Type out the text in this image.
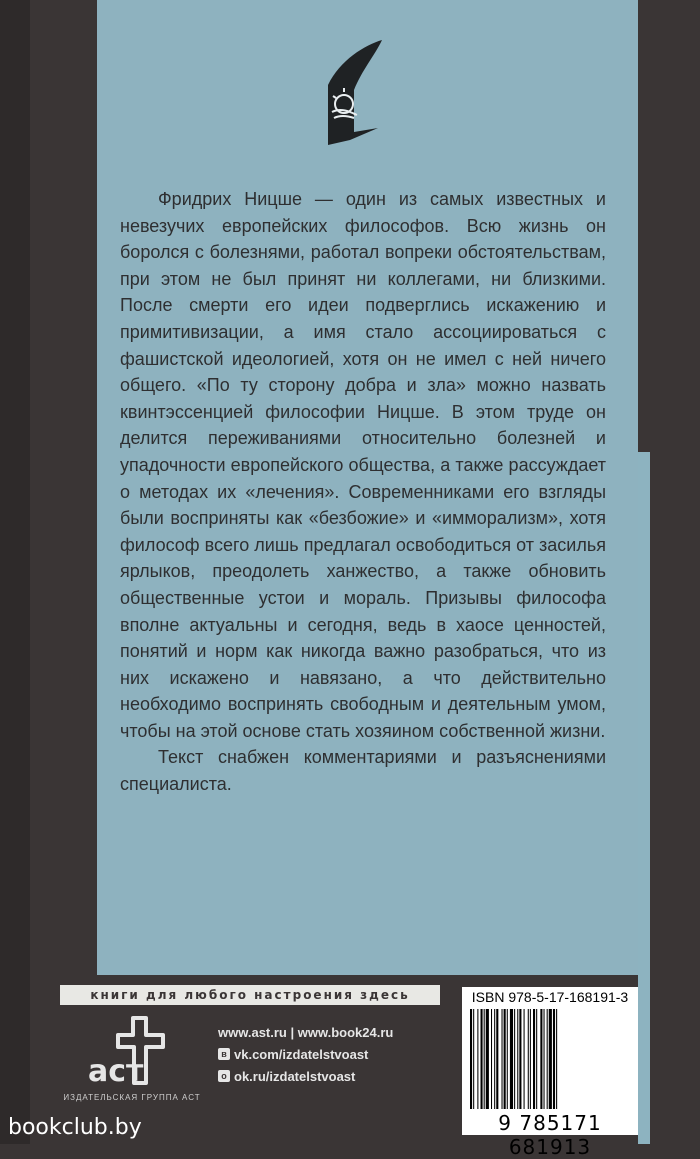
Фридрих Ницше — один из самых известных и невезучих европейских философов. Всю жизнь он боролся с болезнями, работал вопреки обстоятельствам, при этом не был принят ни коллегами, ни близкими. После смерти его идеи подверглись искажению и примитивизации, а имя стало ассоциироваться с фашистской идеологией, хотя он не имел с ней ничего общего. «По ту сторону добра и зла» можно назвать квинтэссенцией философии Ницше. В этом труде он делится переживаниями относительно болезней и упадочности европейского общества, а также рассуждает о методах их «лечения». Современниками его взгляды были восприняты как «безбожие» и «имморализм», хотя философ всего лишь предлагал освободиться от засилья ярлыков, преодолеть ханжество, а также обновить общественные устои и мораль. Призывы философа вполне актуальны и сегодня, ведь в хаосе ценностей, понятий и норм как никогда важно разобраться, что из них искажено и навязано, а что действительно необходимо воспринять свободным и деятельным умом, чтобы на этой основе стать хозяином собственной жизни.

Текст снабжен комментариями и разъяснениями специалиста.

книги для любого настроения здесь
аст
ИЗДАТЕЛЬСКАЯ ГРУППА АСТ
www.ast.ru | www.book24.ru
в vk.com/izdatelstvoast
о ok.ru/izdatelstvoast
ISBN 978-5-17-168191-3
9 785171 681913
bookclub.by
